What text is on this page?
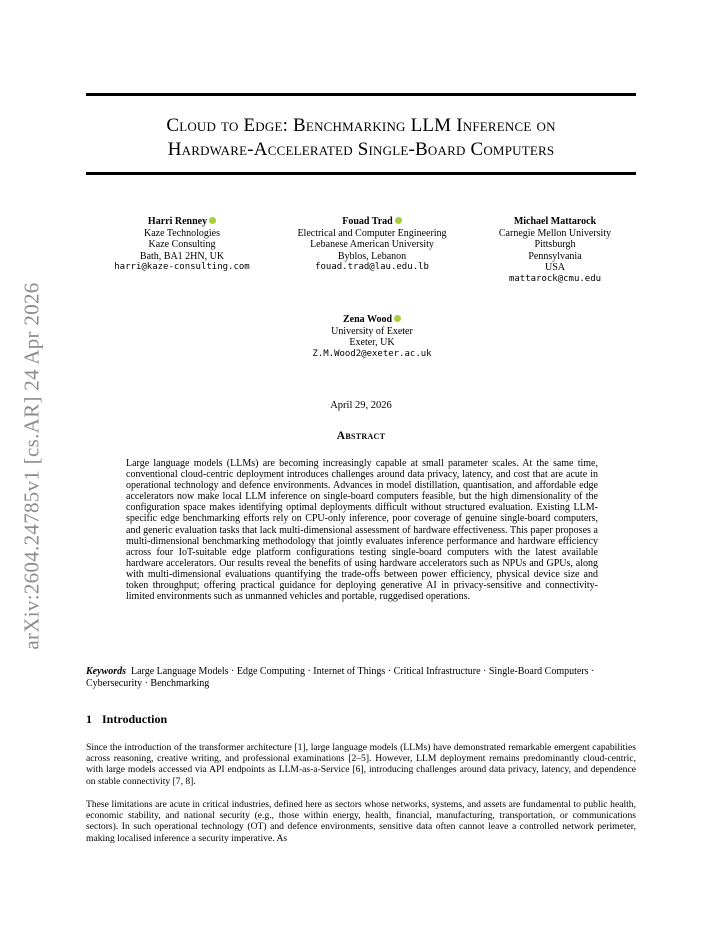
arXiv:2604.24785v1 [cs.AR] 24 Apr 2026
Cloud to Edge: Benchmarking LLM Inference on
Hardware-Accelerated Single-Board Computers
Harri Renney
Kaze Technologies
Kaze Consulting
Bath, BA1 2HN, UK
harri@kaze-consulting.com
Fouad Trad
Electrical and Computer Engineering
Lebanese American University
Byblos, Lebanon
fouad.trad@lau.edu.lb
Michael Mattarock
Carnegie Mellon University
Pittsburgh
Pennsylvania
USA
mattarock@cmu.edu
Zena Wood
University of Exeter
Exeter, UK
Z.M.Wood2@exeter.ac.uk
April 29, 2026
Abstract
Large language models (LLMs) are becoming increasingly capable at small parameter scales. At the same time, conventional cloud-centric deployment introduces challenges around data privacy, latency, and cost that are acute in operational technology and defence environments. Advances in model distillation, quantisation, and affordable edge accelerators now make local LLM inference on single-board computers feasible, but the high dimensionality of the configuration space makes identifying optimal deployments difficult without structured evaluation. Existing LLM-specific edge benchmarking efforts rely on CPU-only inference, poor coverage of genuine single-board computers, and generic evaluation tasks that lack multi-dimensional assessment of hardware effectiveness. This paper proposes a multi-dimensional benchmarking methodology that jointly evaluates inference performance and hardware efficiency across four IoT-suitable edge platform configurations testing single-board computers with the latest available hardware accelerators. Our results reveal the benefits of using hardware accelerators such as NPUs and GPUs, along with multi-dimensional evaluations quantifying the trade-offs between power efficiency, physical device size and token throughput; offering practical guidance for deploying generative AI in privacy-sensitive and connectivity-limited environments such as unmanned vehicles and portable, ruggedised operations.
Keywords Large Language Models · Edge Computing · Internet of Things · Critical Infrastructure · Single-Board Computers · Cybersecurity · Benchmarking
1 Introduction
Since the introduction of the transformer architecture [1], large language models (LLMs) have demonstrated remarkable emergent capabilities across reasoning, creative writing, and professional examinations [2–5]. However, LLM deployment remains predominantly cloud-centric, with large models accessed via API endpoints as LLM-as-a-Service [6], introducing challenges around data privacy, latency, and dependence on stable connectivity [7, 8].
These limitations are acute in critical industries, defined here as sectors whose networks, systems, and assets are fundamental to public health, economic stability, and national security (e.g., those within energy, health, financial, manufacturing, transportation, or communications sectors). In such operational technology (OT) and defence environments, sensitive data often cannot leave a controlled network perimeter, making localised inference a security imperative. As
